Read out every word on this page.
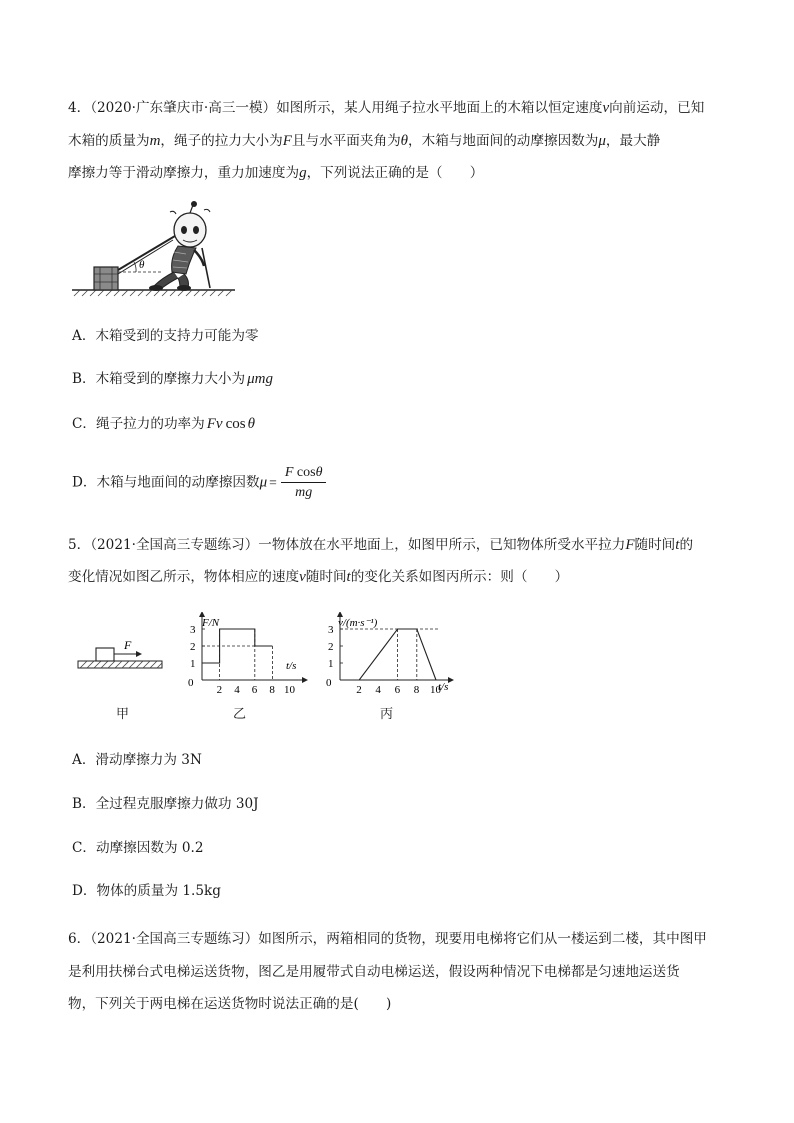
4．（2020·广东肇庆市·高三一模）如图所示，某人用绳子拉水平地面上的木箱以恒定速度v向前运动，已知
木箱的质量为m，绳子的拉力大小为F且与水平面夹角为θ，木箱与地面间的动摩擦因数为μ，最大静
摩擦力等于滑动摩擦力，重力加速度为g，下列说法正确的是（　　）
θ
A．木箱受到的支持力可能为零
B．木箱受到的摩擦力大小为 μmg
C．绳子拉力的功率为 Fv cos θ
D．木箱与地面间的动摩擦因数$\mu = \frac{\text{F cosθ}}{mg}$
5．（2021·全国高三专题练习）一物体放在水平地面上，如图甲所示，已知物体所受水平拉力F随时间t的
变化情况如图乙所示，物体相应的速度v随时间t的变化关系如图丙所示：则（　　）
F
甲
F/N
t/s
0
3
2
1
2 4 6 8 10
乙
v/(m·s⁻¹)
t/s
0
3
2
1
2 4 6 8 10
丙
A．滑动摩擦力为 3N
B．全过程克服摩擦力做功 30J
C．动摩擦因数为 0.2
D．物体的质量为 1.5kg
6．（2021·全国高三专题练习）如图所示，两箱相同的货物，现要用电梯将它们从一楼运到二楼，其中图甲
是利用扶梯台式电梯运送货物，图乙是用履带式自动电梯运送，假设两种情况下电梯都是匀速地运送货
物，下列关于两电梯在运送货物时说法正确的是(　　)
